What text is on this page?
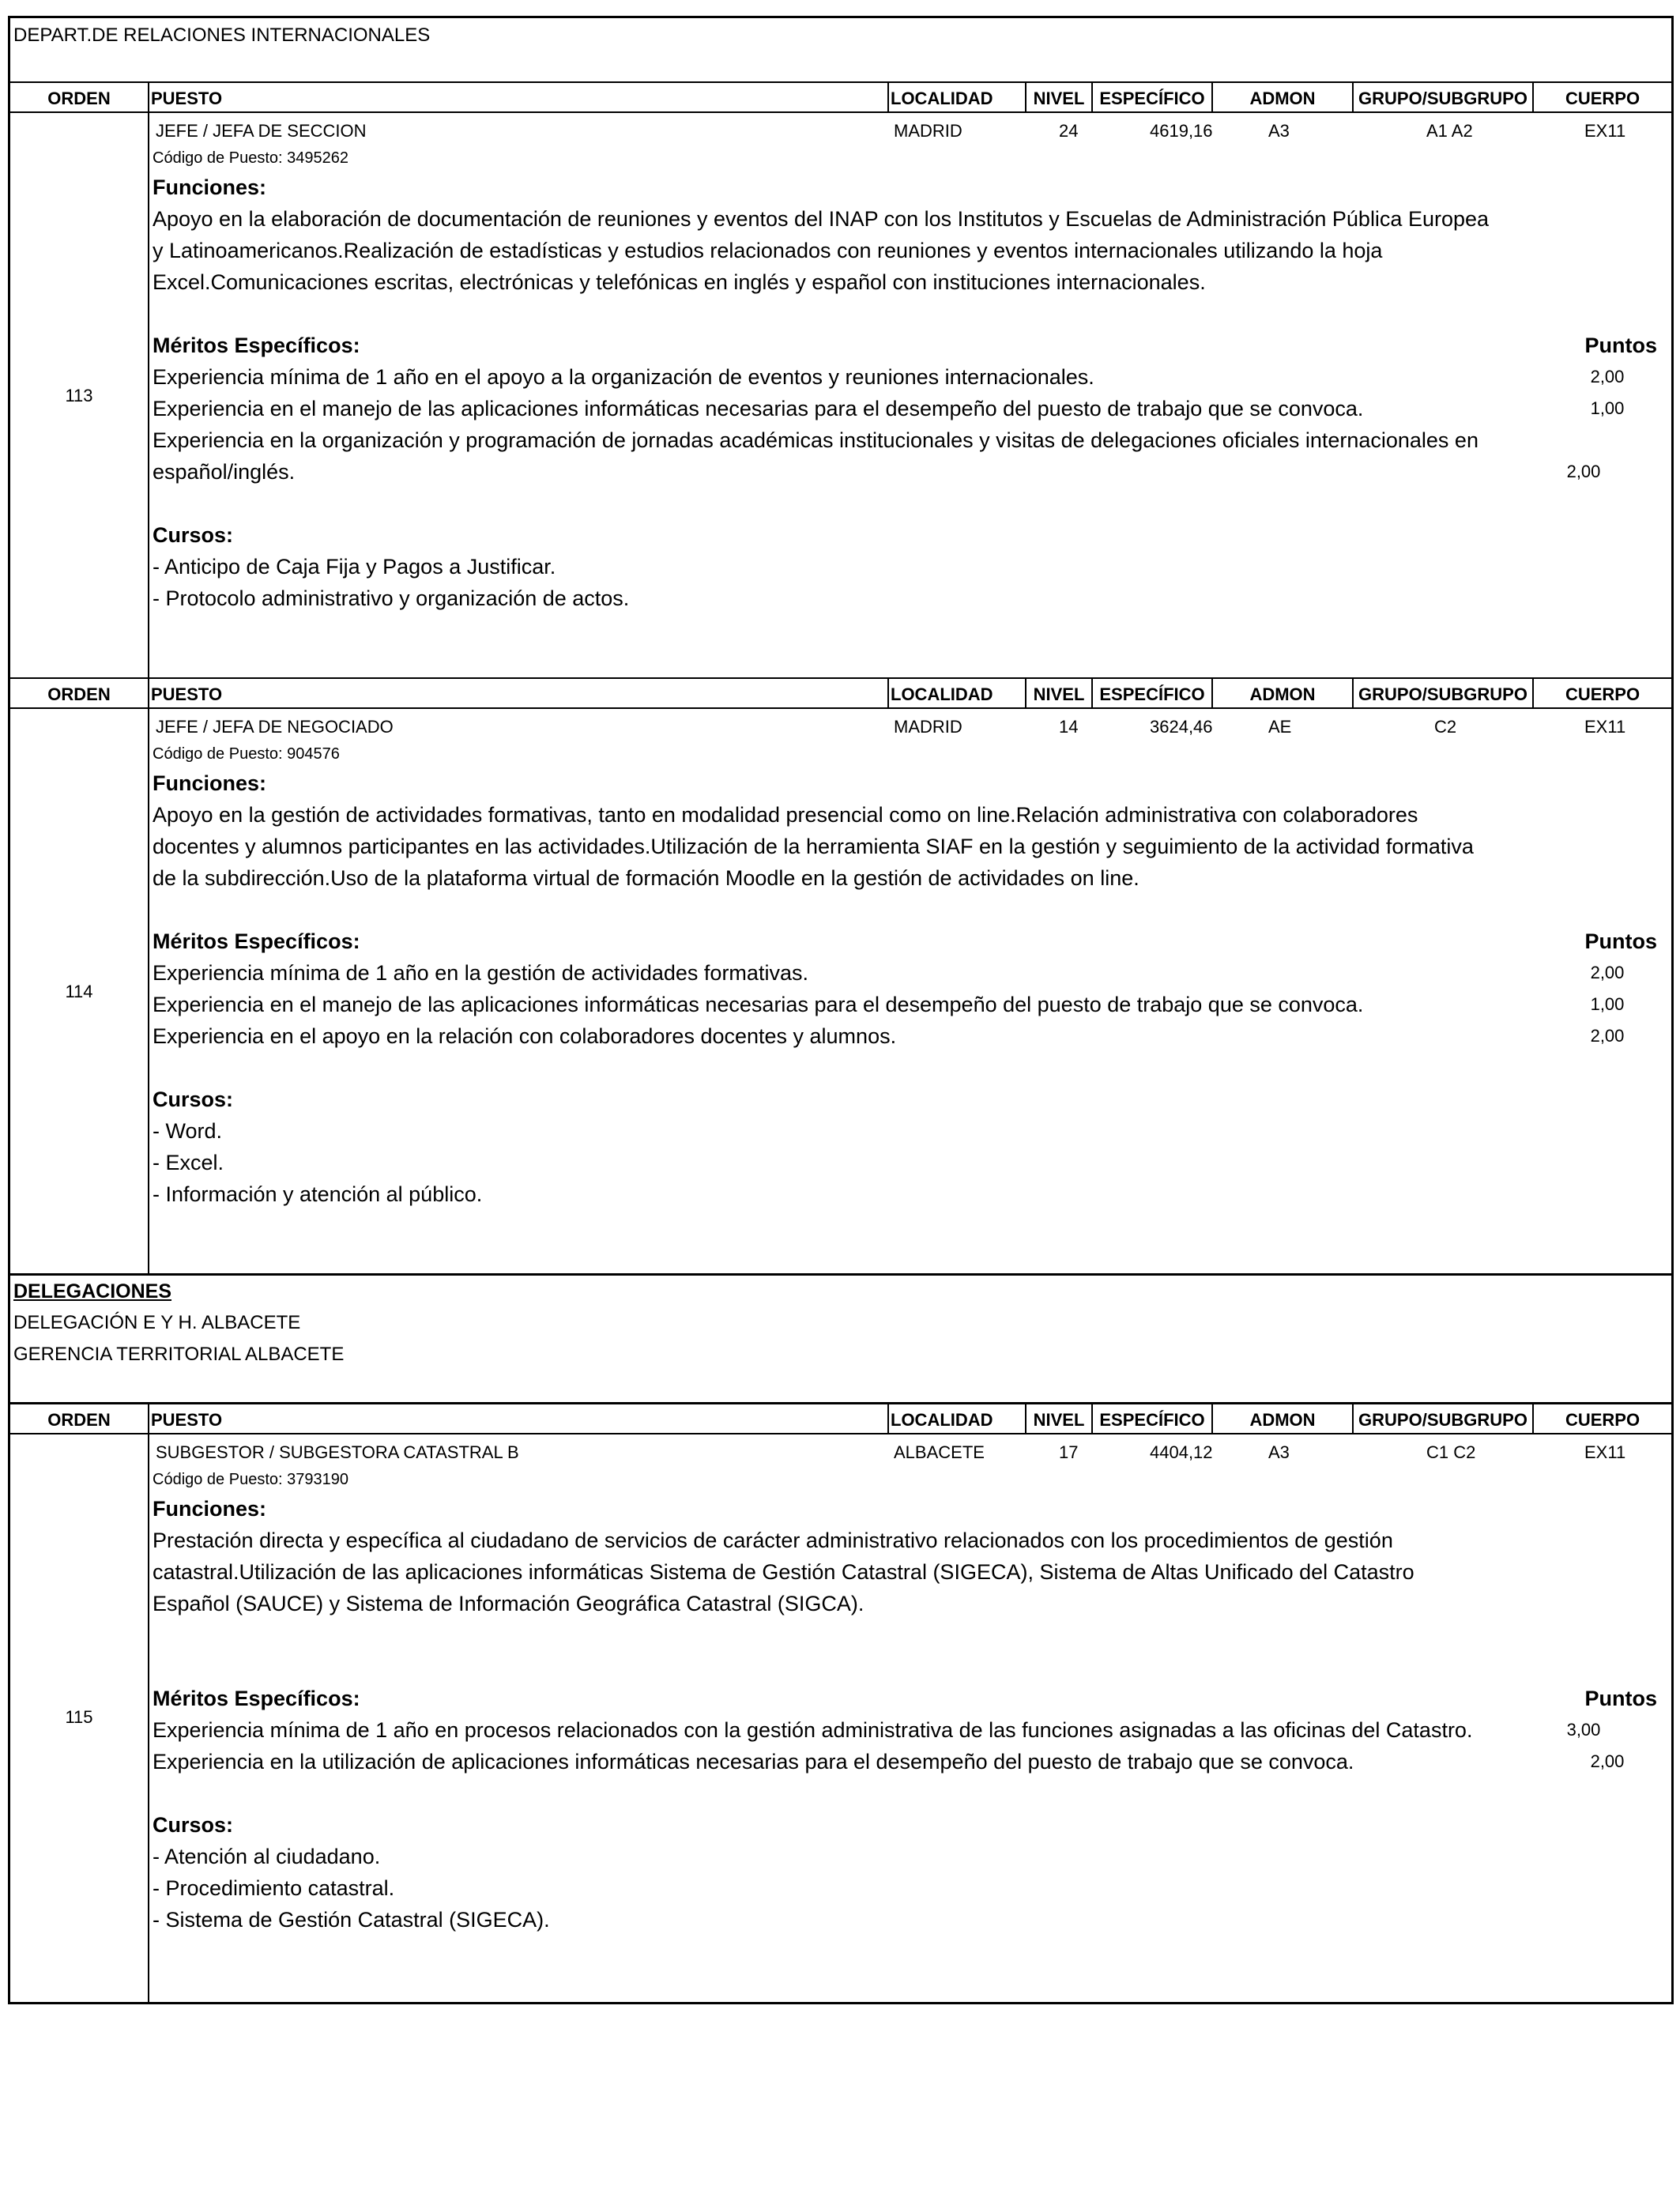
DEPART.DE RELACIONES INTERNACIONALES
ORDEN	PUESTO	LOCALIDAD	NIVEL ESPECÍFICO	ADMON	GRUPO/SUBGRUPO	CUERPO
113
JEFE / JEFA DE SECCION	MADRID	24	4619,16	A3	A1 A2	EX11
Código de Puesto: 3495262
Funciones:
Apoyo en la elaboración de documentación de reuniones y eventos del INAP con los Institutos y Escuelas de Administración Pública Europea y Latinoamericanos.Realización de estadísticas y estudios relacionados con reuniones y eventos internacionales utilizando la hoja Excel.Comunicaciones escritas, electrónicas y telefónicas en inglés y español con instituciones internacionales.
Méritos Específicos:	Puntos
Experiencia mínima de 1 año en el apoyo a la organización de eventos y reuniones internacionales.	2,00
Experiencia en el manejo de las aplicaciones informáticas necesarias para el desempeño del puesto de trabajo que se convoca.	1,00
Experiencia en la organización y programación de jornadas académicas institucionales y visitas de delegaciones oficiales internacionales en español/inglés.	2,00
Cursos:
- Anticipo de Caja Fija y Pagos a Justificar.
- Protocolo administrativo y organización de actos.
ORDEN	PUESTO	LOCALIDAD	NIVEL ESPECÍFICO	ADMON	GRUPO/SUBGRUPO	CUERPO
114
JEFE / JEFA DE NEGOCIADO	MADRID	14	3624,46	AE	C2	EX11
Código de Puesto: 904576
Funciones:
Apoyo en la gestión de actividades formativas, tanto en modalidad presencial como on line.Relación administrativa con colaboradores docentes y alumnos participantes en las actividades.Utilización de la herramienta SIAF en la gestión y seguimiento de la actividad formativa de la subdirección.Uso de la plataforma virtual de formación Moodle en la gestión de actividades on line.
Méritos Específicos:	Puntos
Experiencia mínima de 1 año en la gestión de actividades formativas.	2,00
Experiencia en el manejo de las aplicaciones informáticas necesarias para el desempeño del puesto de trabajo que se convoca.	1,00
Experiencia en el apoyo en la relación con colaboradores docentes y alumnos.	2,00
Cursos:
- Word.
- Excel.
- Información y atención al público.
DELEGACIONES
DELEGACIÓN E Y H. ALBACETE
GERENCIA TERRITORIAL ALBACETE
ORDEN	PUESTO	LOCALIDAD	NIVEL ESPECÍFICO	ADMON	GRUPO/SUBGRUPO	CUERPO
115
SUBGESTOR / SUBGESTORA CATASTRAL B	ALBACETE	17	4404,12	A3	C1 C2	EX11
Código de Puesto: 3793190
Funciones:
Prestación directa y específica al ciudadano de servicios de carácter administrativo relacionados con los procedimientos de gestión catastral.Utilización de las aplicaciones informáticas Sistema de Gestión Catastral (SIGECA), Sistema de Altas Unificado del Catastro Español (SAUCE) y Sistema de Información Geográfica Catastral (SIGCA).
Méritos Específicos:	Puntos
Experiencia mínima de 1 año en procesos relacionados con la gestión administrativa de las funciones asignadas a las oficinas del Catastro.	3,00
Experiencia en la utilización de aplicaciones informáticas necesarias para el desempeño del puesto de trabajo que se convoca.	2,00
Cursos:
- Atención al ciudadano.
- Procedimiento catastral.
- Sistema de Gestión Catastral (SIGECA).
